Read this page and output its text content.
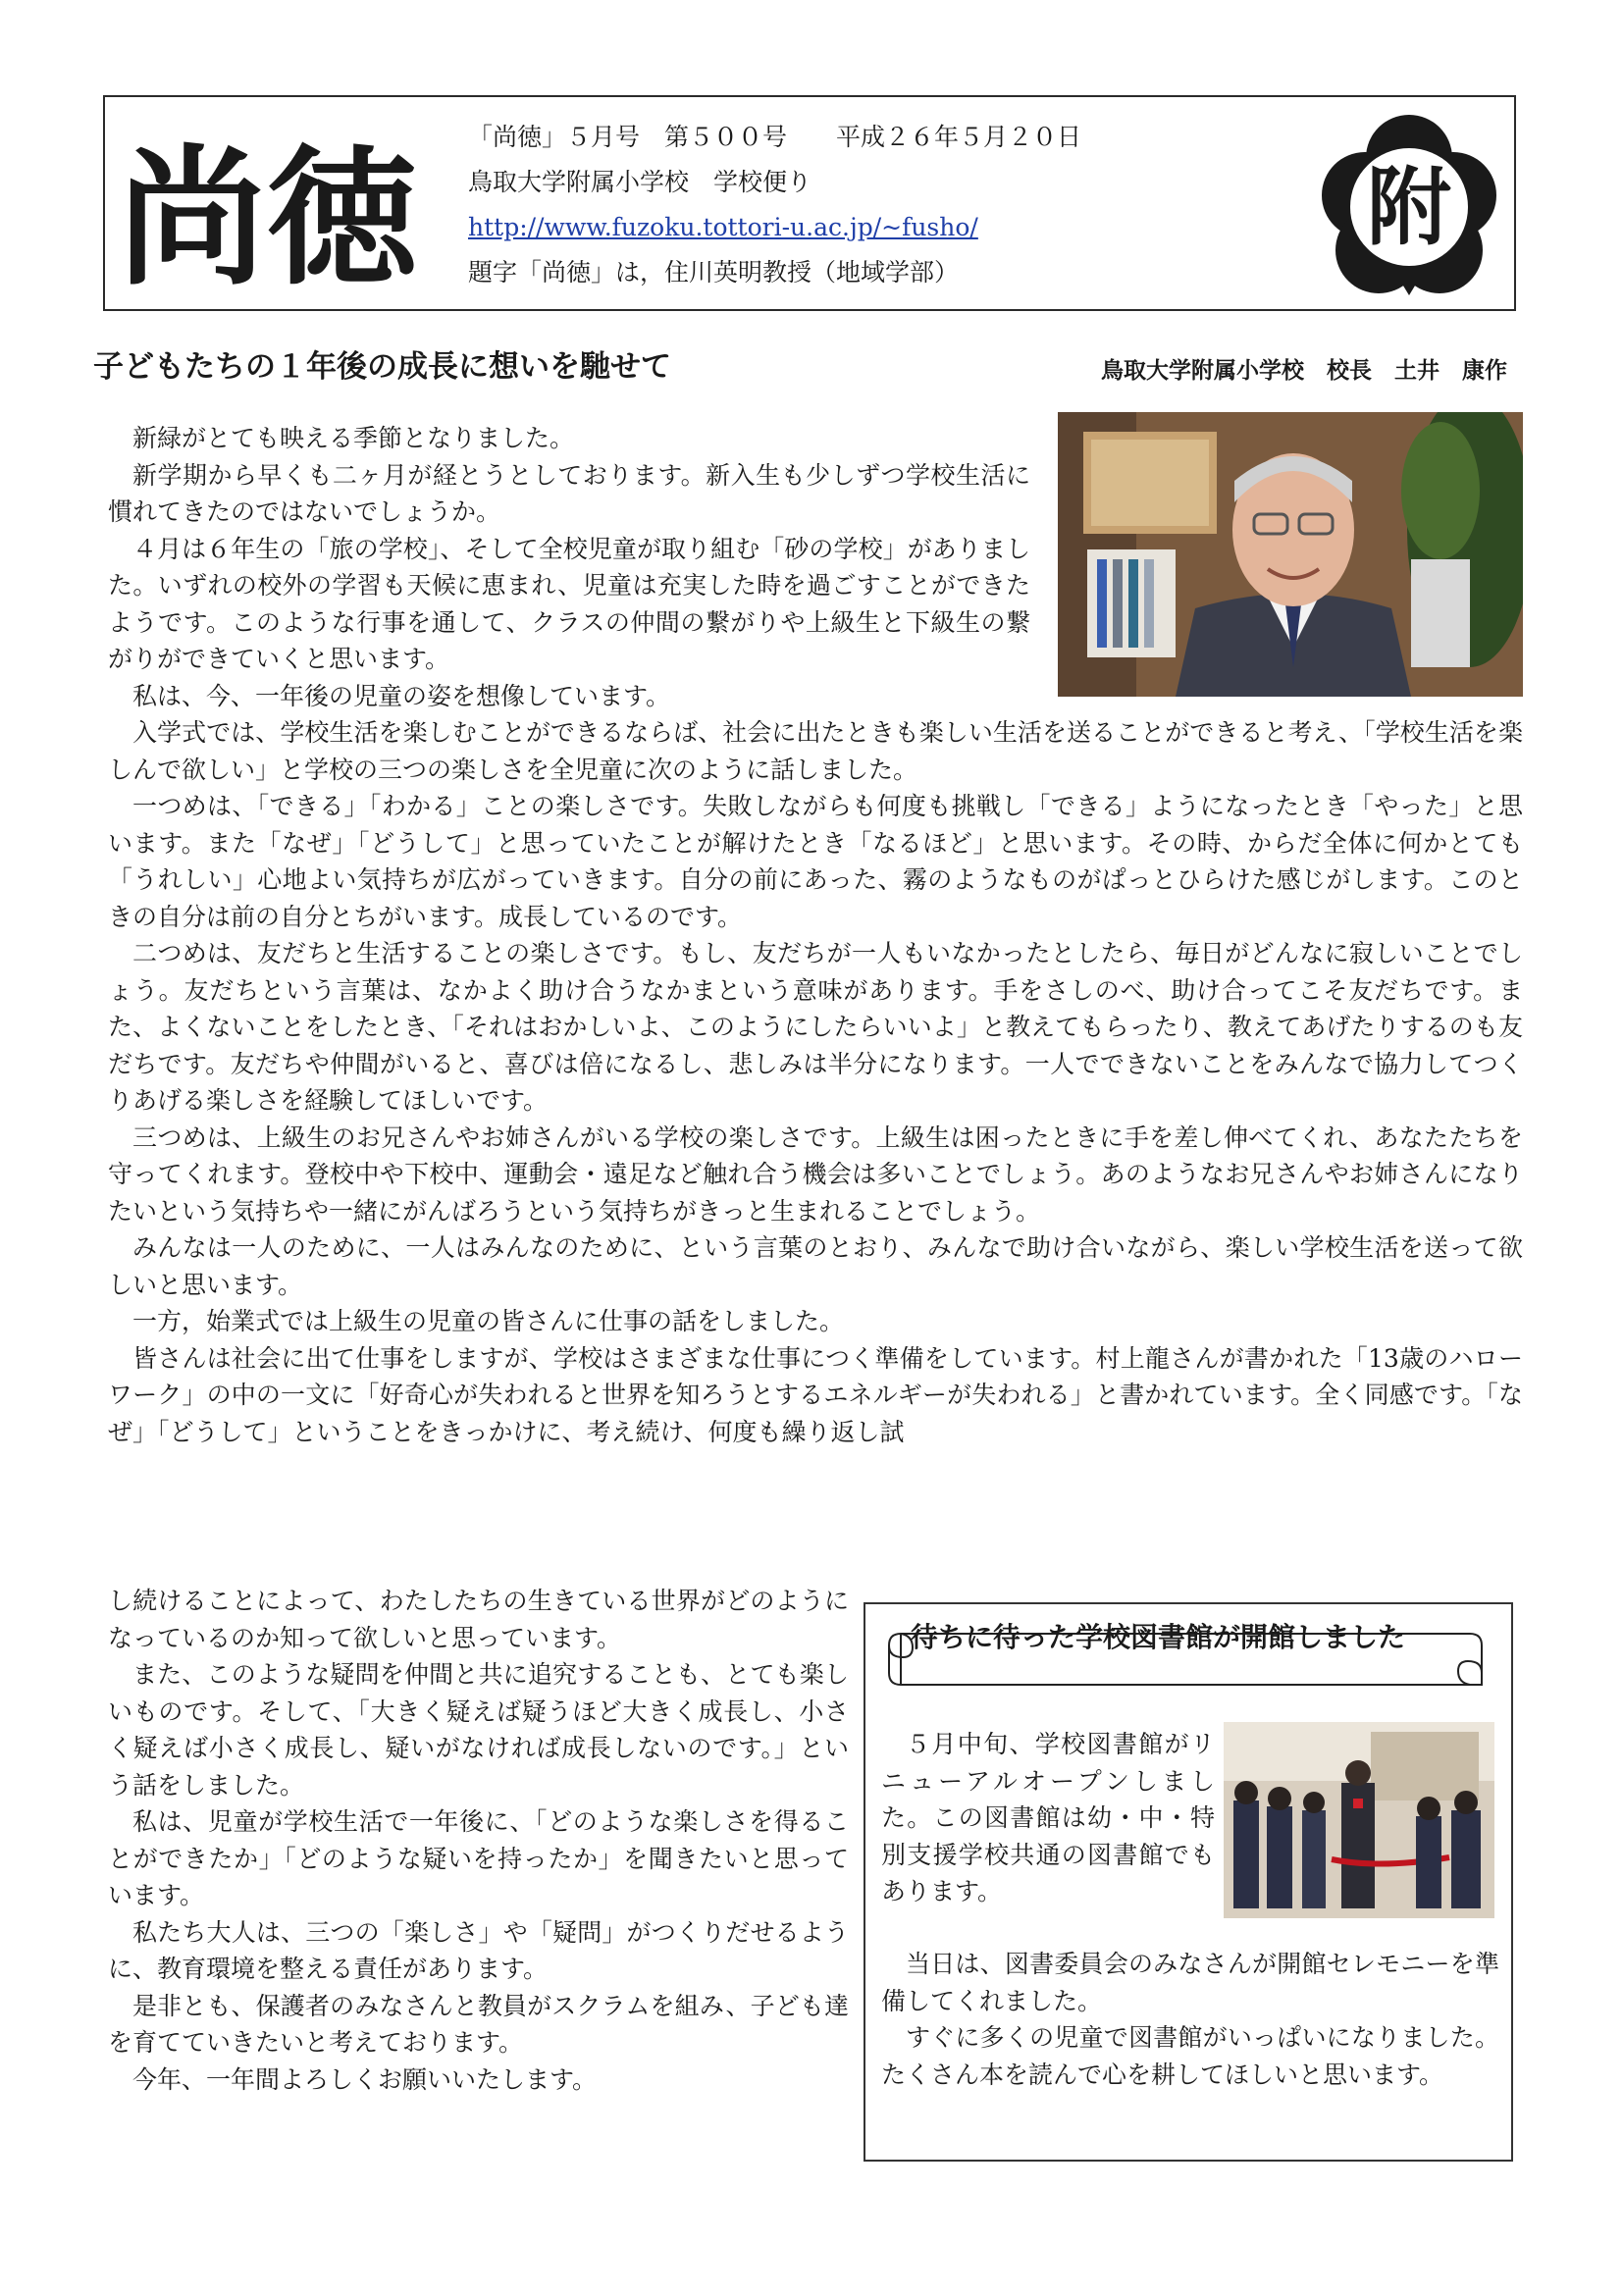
尚徳 「尚徳」５月号　第５００号　　平成２６年５月２０日
鳥取大学附属小学校　学校便り
http://www.fuzoku.tottori-u.ac.jp/~fusho/
題字「尚徳」は，住川英明教授（地域学部）
附
子どもたちの１年後の成長に想いを馳せて	鳥取大学附属小学校　校長　土井　康作

新緑がとても映える季節となりました。

新学期から早くも二ヶ月が経とうとしております。新入生も少しずつ学校生活に慣れてきたのではないでしょうか。

４月は６年生の「旅の学校」、そして全校児童が取り組む「砂の学校」がありました。いずれの校外の学習も天候に恵まれ、児童は充実した時を過ごすことができたようです。このような行事を通して、クラスの仲間の繋がりや上級生と下級生の繋がりができていくと思います。

私は、今、一年後の児童の姿を想像しています。

入学式では、学校生活を楽しむことができるならば、社会に出たときも楽しい生活を送ることができると考え、「学校生活を楽しんで欲しい」と学校の三つの楽しさを全児童に次のように話しました。

一つめは、「できる」「わかる」ことの楽しさです。失敗しながらも何度も挑戦し「できる」ようになったとき「やった」と思います。また「なぜ」「どうして」と思っていたことが解けたとき「なるほど」と思います。その時、からだ全体に何かとても「うれしい」心地よい気持ちが広がっていきます。自分の前にあった、霧のようなものがぱっとひらけた感じがします。このときの自分は前の自分とちがいます。成長しているのです。

二つめは、友だちと生活することの楽しさです。もし、友だちが一人もいなかったとしたら、毎日がどんなに寂しいことでしょう。友だちという言葉は、なかよく助け合うなかまという意味があります。手をさしのべ、助け合ってこそ友だちです。また、よくないことをしたとき、「それはおかしいよ、このようにしたらいいよ」と教えてもらったり、教えてあげたりするのも友だちです。友だちや仲間がいると、喜びは倍になるし、悲しみは半分になります。一人でできないことをみんなで協力してつくりあげる楽しさを経験してほしいです。

三つめは、上級生のお兄さんやお姉さんがいる学校の楽しさです。上級生は困ったときに手を差し伸べてくれ、あなたたちを守ってくれます。登校中や下校中、運動会・遠足など触れ合う機会は多いことでしょう。あのようなお兄さんやお姉さんになりたいという気持ちや一緒にがんばろうという気持ちがきっと生まれることでしょう。

みんなは一人のために、一人はみんなのために、という言葉のとおり、みんなで助け合いながら、楽しい学校生活を送って欲しいと思います。

一方，始業式では上級生の児童の皆さんに仕事の話をしました。

皆さんは社会に出て仕事をしますが、学校はさまざまな仕事につく準備をしています。村上龍さんが書かれた「13歳のハローワーク」の中の一文に「好奇心が失われると世界を知ろうとするエネルギーが失われる」と書かれています。全く同感です。「なぜ」「どうして」ということをきっかけに、考え続け、何度も繰り返し試

し続けることによって、わたしたちの生きている世界がどのようになっているのか知って欲しいと思っています。

また、このような疑問を仲間と共に追究することも、とても楽しいものです。そして、「大きく疑えば疑うほど大きく成長し、小さく疑えば小さく成長し、疑いがなければ成長しないのです。」という話をしました。

私は、児童が学校生活で一年後に、「どのような楽しさを得ることができたか」「どのような疑いを持ったか」を聞きたいと思っています。

私たち大人は、三つの「楽しさ」や「疑問」がつくりだせるように、教育環境を整える責任があります。

是非とも、保護者のみなさんと教員がスクラムを組み、子ども達を育てていきたいと考えております。

今年、一年間よろしくお願いいたします。

待ちに待った学校図書館が開館しました

５月中旬、学校図書館がリニューアルオープンしました。この図書館は幼・中・特別支援学校共通の図書館でもあります。

当日は、図書委員会のみなさんが開館セレモニーを準備してくれました。

すぐに多くの児童で図書館がいっぱいになりました。たくさん本を読んで心を耕してほしいと思います。
